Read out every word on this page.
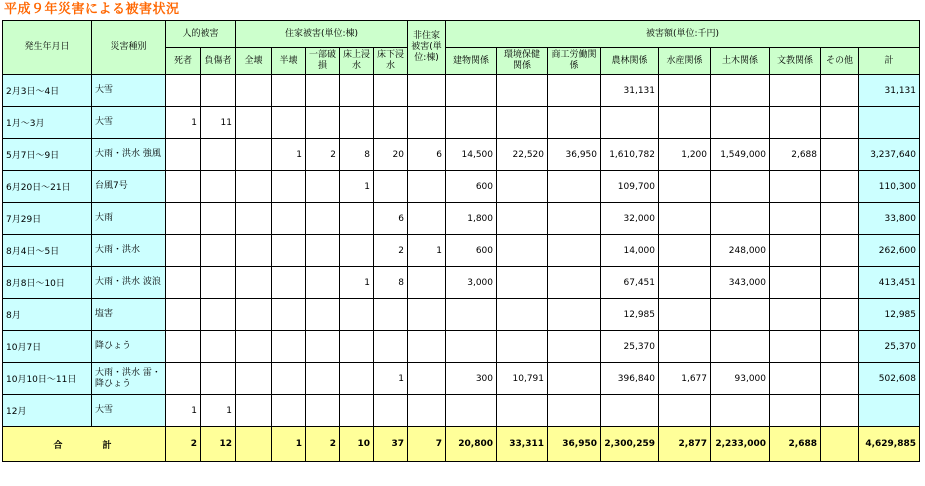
平成９年災害による被害状況
発生年月日	災害種別	人的被害		住家被害(単位:棟)					非住家被害(単位:棟)	被害額(単位:千円)								
		死者	負傷者	全壊	半壊	一部破損	床上浸水	床下浸水		建物関係	環境保健関係	商工労働関係	農林関係	水産関係	土木関係	文教関係	その他	計
2月3日～4日	大雪												31,131					31,131
1月～3月	大雪	1	11															
5月7日～9日	大雨・洪水 強風				1	2	8	20	6	14,500	22,520	36,950	1,610,782	1,200	1,549,000	2,688		3,237,640
6月20日～21日	台風7号						1			600			109,700					110,300
7月29日	大雨							6		1,800			32,000					33,800
8月4日～5日	大雨・洪水							2	1	600			14,000		248,000			262,600
8月8日～10日	大雨・洪水 波浪						1	8		3,000			67,451		343,000			413,451
8月	塩害												12,985					12,985
10月7日	降ひょう												25,370					25,370
10月10日～11日	大雨・洪水 雷・降ひょう							1		300	10,791		396,840	1,677	93,000			502,608
12月	大雪	1	1															
合計		2	12		1	2	10	37	7	20,800	33,311	36,950	2,300,259	2,877	2,233,000	2,688		4,629,885
